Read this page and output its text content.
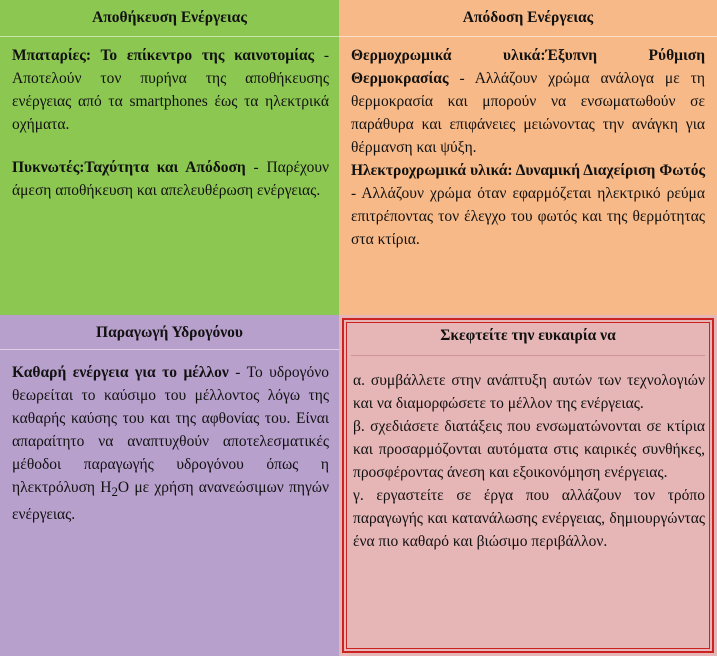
Αποθήκευση Ενέργειας

Μπαταρίες: Το επίκεντρο της καινοτομίας - Αποτελούν τον πυρήνα της αποθήκευσης ενέργειας από τα smartphones έως τα ηλεκτρικά οχήματα.

Πυκνωτές:Ταχύτητα και Απόδοση - Παρέχουν άμεση αποθήκευση και απελευθέρωση ενέργειας.

Απόδοση Ενέργειας

Θερμοχρωμικά υλικά:Έξυπνη Ρύθμιση Θερμοκρασίας - Αλλάζουν χρώμα ανάλογα με τη θερμοκρασία και μπορούν να ενσωματωθούν σε παράθυρα και επιφάνειες μειώνοντας την ανάγκη για θέρμανση και ψύξη.

Ηλεκτροχρωμικά υλικά: Δυναμική Διαχείριση Φωτός - Αλλάζουν χρώμα όταν εφαρμόζεται ηλεκτρικό ρεύμα επιτρέποντας τον έλεγχο του φωτός και της θερμότητας στα κτίρια.

Παραγωγή Υδρογόνου

Καθαρή ενέργεια για το μέλλον - Το υδρογόνο θεωρείται το καύσιμο του μέλλοντος λόγω της καθαρής καύσης του και της αφθονίας του. Είναι απαραίτητο να αναπτυχθούν αποτελεσματικές μέθοδοι παραγωγής υδρογόνου όπως η ηλεκτρόλυση $H_2O$ με χρήση ανανεώσιμων πηγών ενέργειας.

Σκεφτείτε την ευκαιρία να

α. συμβάλλετε στην ανάπτυξη αυτών των τεχνολογιών και να διαμορφώσετε το μέλλον της ενέργειας.

β. σχεδιάσετε διατάξεις που ενσωματώνονται σε κτίρια και προσαρμόζονται αυτόματα στις καιρικές συνθήκες, προσφέροντας άνεση και εξοικονόμηση ενέργειας.

γ. εργαστείτε σε έργα που αλλάζουν τον τρόπο παραγωγής και κατανάλωσης ενέργειας, δημιουργώντας ένα πιο καθαρό και βιώσιμο περιβάλλον.
